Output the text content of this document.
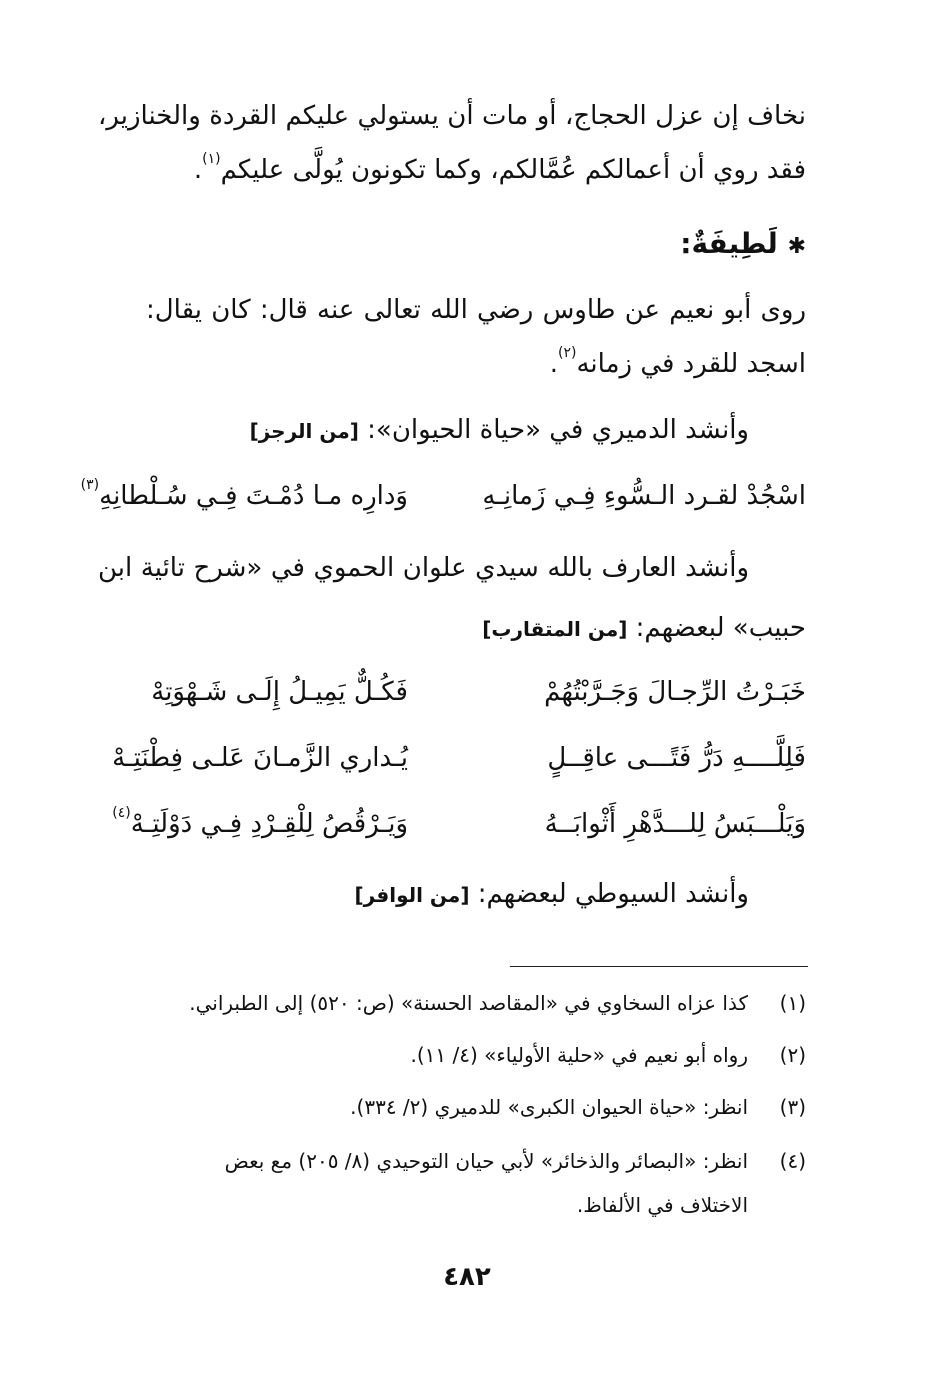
نخاف إن عزل الحجاج، أو مات أن يستولي عليكم القردة والخنازير،
فقد روي أن أعمالكم عُمَّالكم، وكما تكونون يُولَّى عليكم$^{(١)}$.
✱ لَطِيفَةٌ:
روى أبو نعيم عن طاوس رضي الله تعالى عنه قال: كان يقال:
اسجد للقرد في زمانه$^{(٢)}$.
وأنشد الدميري في «حياة الحيوان»: [من الرجز]
اسْجُدْ لقـرد الـسُّوءِ فِـي زَمانِـهِ
وَدارِه مـا دُمْـتَ فِـي سُـلْطانِهِ$^{(٣)}$
وأنشد العارف بالله سيدي علوان الحموي في «شرح تائية ابن
حبيب» لبعضهم: [من المتقارب]
خَبَـرْتُ الرِّجـالَ وَجَـرَّبْتُهُمْ
فَكُـلٌّ يَمِيـلُ إِلَـى شَـهْوَتِهْ
فَلِلَّــــهِ دَرُّ فَتًـــى عاقِــلٍ
يُـداري الزَّمـانَ عَلـى فِطْنَتِـهْ
وَيَلْـــبَسُ لِلـــدَّهْرِ أَثْوابَــهُ
وَيَـرْقُصُ لِلْقِـرْدِ فِـي دَوْلَتِـهْ$^{(٤)}$
وأنشد السيوطي لبعضهم: [من الوافر]
(١)كذا عزاه السخاوي في «المقاصد الحسنة» (ص: ٥٢٠) إلى الطبراني.
(٢)رواه أبو نعيم في «حلية الأولياء» (٤/ ١١).
(٣)انظر: «حياة الحيوان الكبرى» للدميري (٢/ ٣٣٤).
(٤)انظر: «البصائر والذخائر» لأبي حيان التوحيدي (٨/ ٢٠٥) مع بعض
الاختلاف في الألفاظ.
٤٨٢
